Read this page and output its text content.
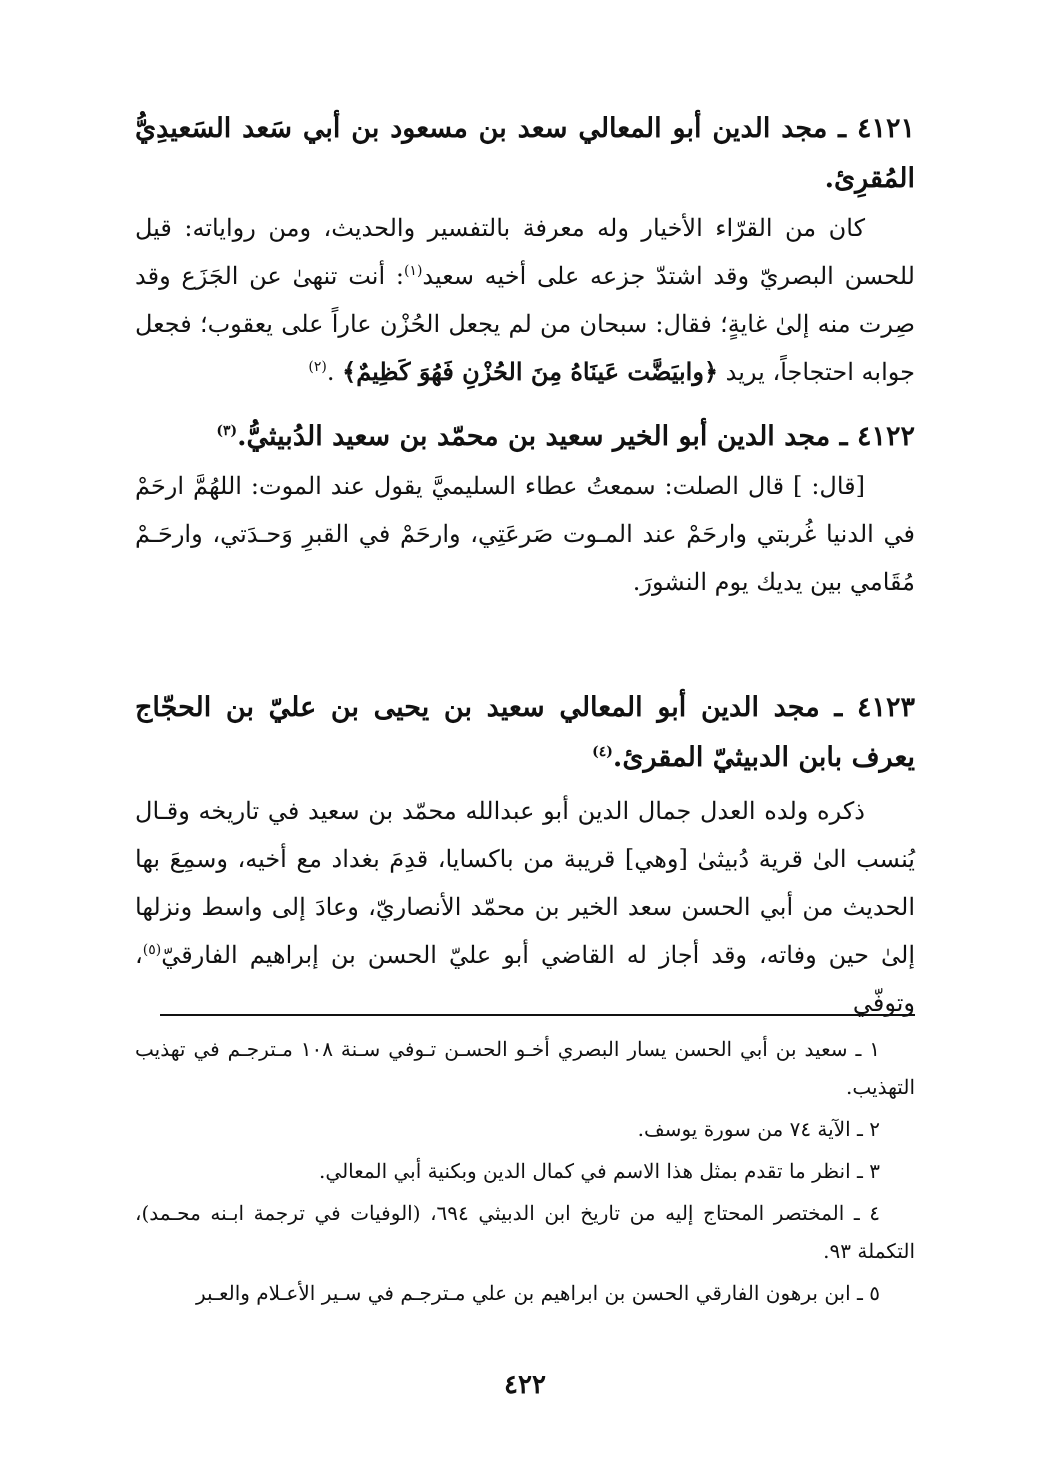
٤١٢١ ـ مجد الدين أبو المعالي سعد بن مسعود بن أبي سَعد السَعيدِيُّ المُقرِئ.

كان من القرّاء الأخيار وله معرفة بالتفسير والحديث، ومن رواياته: قيل للحسن البصريّ وقد اشتدّ جزعه على أخيه سعيد$^{(١)}$: أنت تنهىٰ عن الجَزَع وقد صِرت منه إلىٰ غايةٍ؛ فقال: سبحان من لم يجعل الحُزْن عاراً على يعقوب؛ فجعل جوابه احتجاجاً، يريد ﴿وابيَضَّت عَينَاهُ مِنَ الحُزْنِ فَهُوَ كَظِيمٌ﴾ .$^{(٢)}$

٤١٢٢ ـ مجد الدين أبو الخير سعيد بن محمّد بن سعيد الدُبيثيُّ.$^{(٣)}$

[قال: ] قال الصلت: سمعتُ عطاء السليميَّ يقول عند الموت: اللهُمَّ ارحَمْ في الدنيا غُربتي وارحَمْ عند المـوت صَرعَتِي، وارحَمْ في القبرِ وَحـدَتي، وارحَـمْ مُقَامي بين يديك يوم النشورَ.

٤١٢٣ ـ مجد الدين أبو المعالي سعيد بن يحيى بن عليّ بن الحجّاج يعرف بابن الدبيثيّ المقرئ.$^{(٤)}$

ذكره ولده العدل جمال الدين أبو عبدالله محمّد بن سعيد في تاريخه وقـال يُنسب الىٰ قرية دُبيثىٰ [وهي] قريبة من باكسايا، قدِمَ بغداد مع أخيه، وسمِعَ بها الحديث من أبي الحسن سعد الخير بن محمّد الأنصاريّ، وعادَ إلى واسط ونزلها إلىٰ حين وفاته، وقد أجاز له القاضي أبو عليّ الحسن بن إبراهيم الفارقيّ$^{(٥)}$، وتوفّي

١ ـ سعيد بن أبي الحسن يسار البصري أخـو الحسـن تـوفي سـنة ١٠٨ مـترجـم في تهذيب التهذيب.

٢ ـ الآية ٧٤ من سورة يوسف.

٣ ـ انظر ما تقدم بمثل هذا الاسم في كمال الدين وبكنية أبي المعالي.

٤ ـ المختصر المحتاج إليه من تاريخ ابن الدبيثي ٦٩٤، (الوفيات في ترجمة ابـنه محـمد)، التكملة ٩٣.

٥ ـ ابن برهون الفارقي الحسن بن ابراهيم بن علي مـترجـم في سـير الأعـلام والعـبر

٤٢٢
